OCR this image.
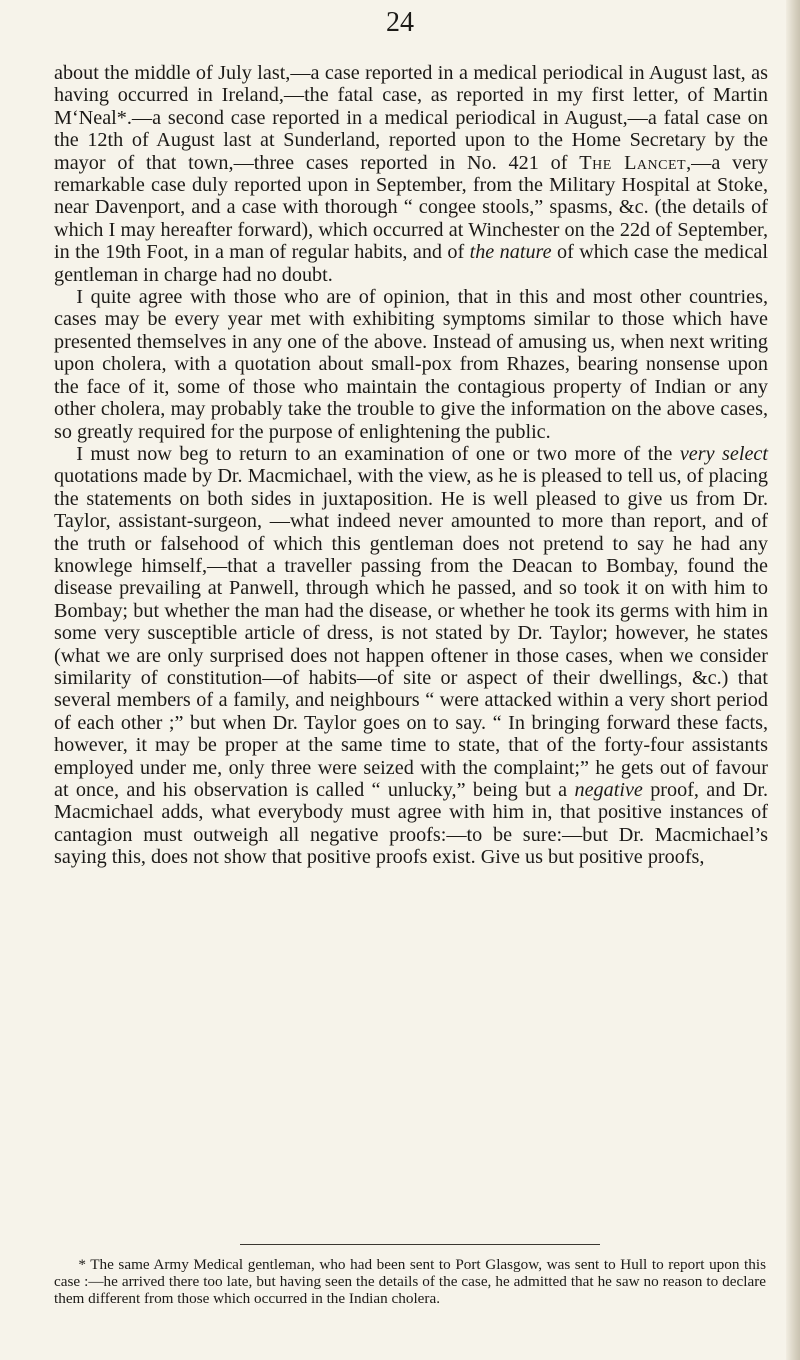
24

about the middle of July last,—a case reported in a medical periodical in August last, as having occurred in Ireland,—the fatal case, as reported in my first letter, of Martin M‘Neal*.—a second case reported in a medical periodical in August,—a fatal case on the 12th of August last at Sunderland, reported upon to the Home Secretary by the mayor of that town,—three cases reported in No. 421 of The Lancet,—a very remarkable case duly reported upon in September, from the Military Hospital at Stoke, near Davenport, and a case with thorough “ congee stools,” spasms, &c. (the details of which I may hereafter forward), which occurred at Winchester on the 22d of September, in the 19th Foot, in a man of regular habits, and of the nature of which case the medical gentleman in charge had no doubt.

I quite agree with those who are of opinion, that in this and most other countries, cases may be every year met with exhibiting symptoms similar to those which have presented themselves in any one of the above. Instead of amusing us, when next writing upon cholera, with a quotation about small-pox from Rhazes, bearing nonsense upon the face of it, some of those who maintain the contagious property of Indian or any other cholera, may probably take the trouble to give the information on the above cases, so greatly required for the purpose of enlightening the public.

I must now beg to return to an examination of one or two more of the very select quotations made by Dr. Macmichael, with the view, as he is pleased to tell us, of placing the statements on both sides in juxtaposition. He is well pleased to give us from Dr. Taylor, assistant-surgeon, —what indeed never amounted to more than report, and of the truth or falsehood of which this gentleman does not pretend to say he had any knowlege himself,—that a traveller passing from the Deacan to Bombay, found the disease prevailing at Panwell, through which he passed, and so took it on with him to Bombay; but whether the man had the disease, or whether he took its germs with him in some very susceptible article of dress, is not stated by Dr. Taylor; however, he states (what we are only surprised does not happen oftener in those cases, when we consider similarity of constitution—of habits—of site or aspect of their dwellings, &c.) that several members of a family, and neighbours “ were attacked within a very short period of each other ;” but when Dr. Taylor goes on to say. “ In bringing forward these facts, however, it may be proper at the same time to state, that of the forty-four assistants employed under me, only three were seized with the complaint;” he gets out of favour at once, and his observation is called “ unlucky,” being but a negative proof, and Dr. Macmichael adds, what everybody must agree with him in, that positive instances of cantagion must outweigh all negative proofs:—to be sure:—but Dr. Macmichael’s saying this, does not show that positive proofs exist. Give us but positive proofs,

* The same Army Medical gentleman, who had been sent to Port Glasgow, was sent to Hull to report upon this case :—he arrived there too late, but having seen the details of the case, he admitted that he saw no reason to declare them different from those which occurred in the Indian cholera.
